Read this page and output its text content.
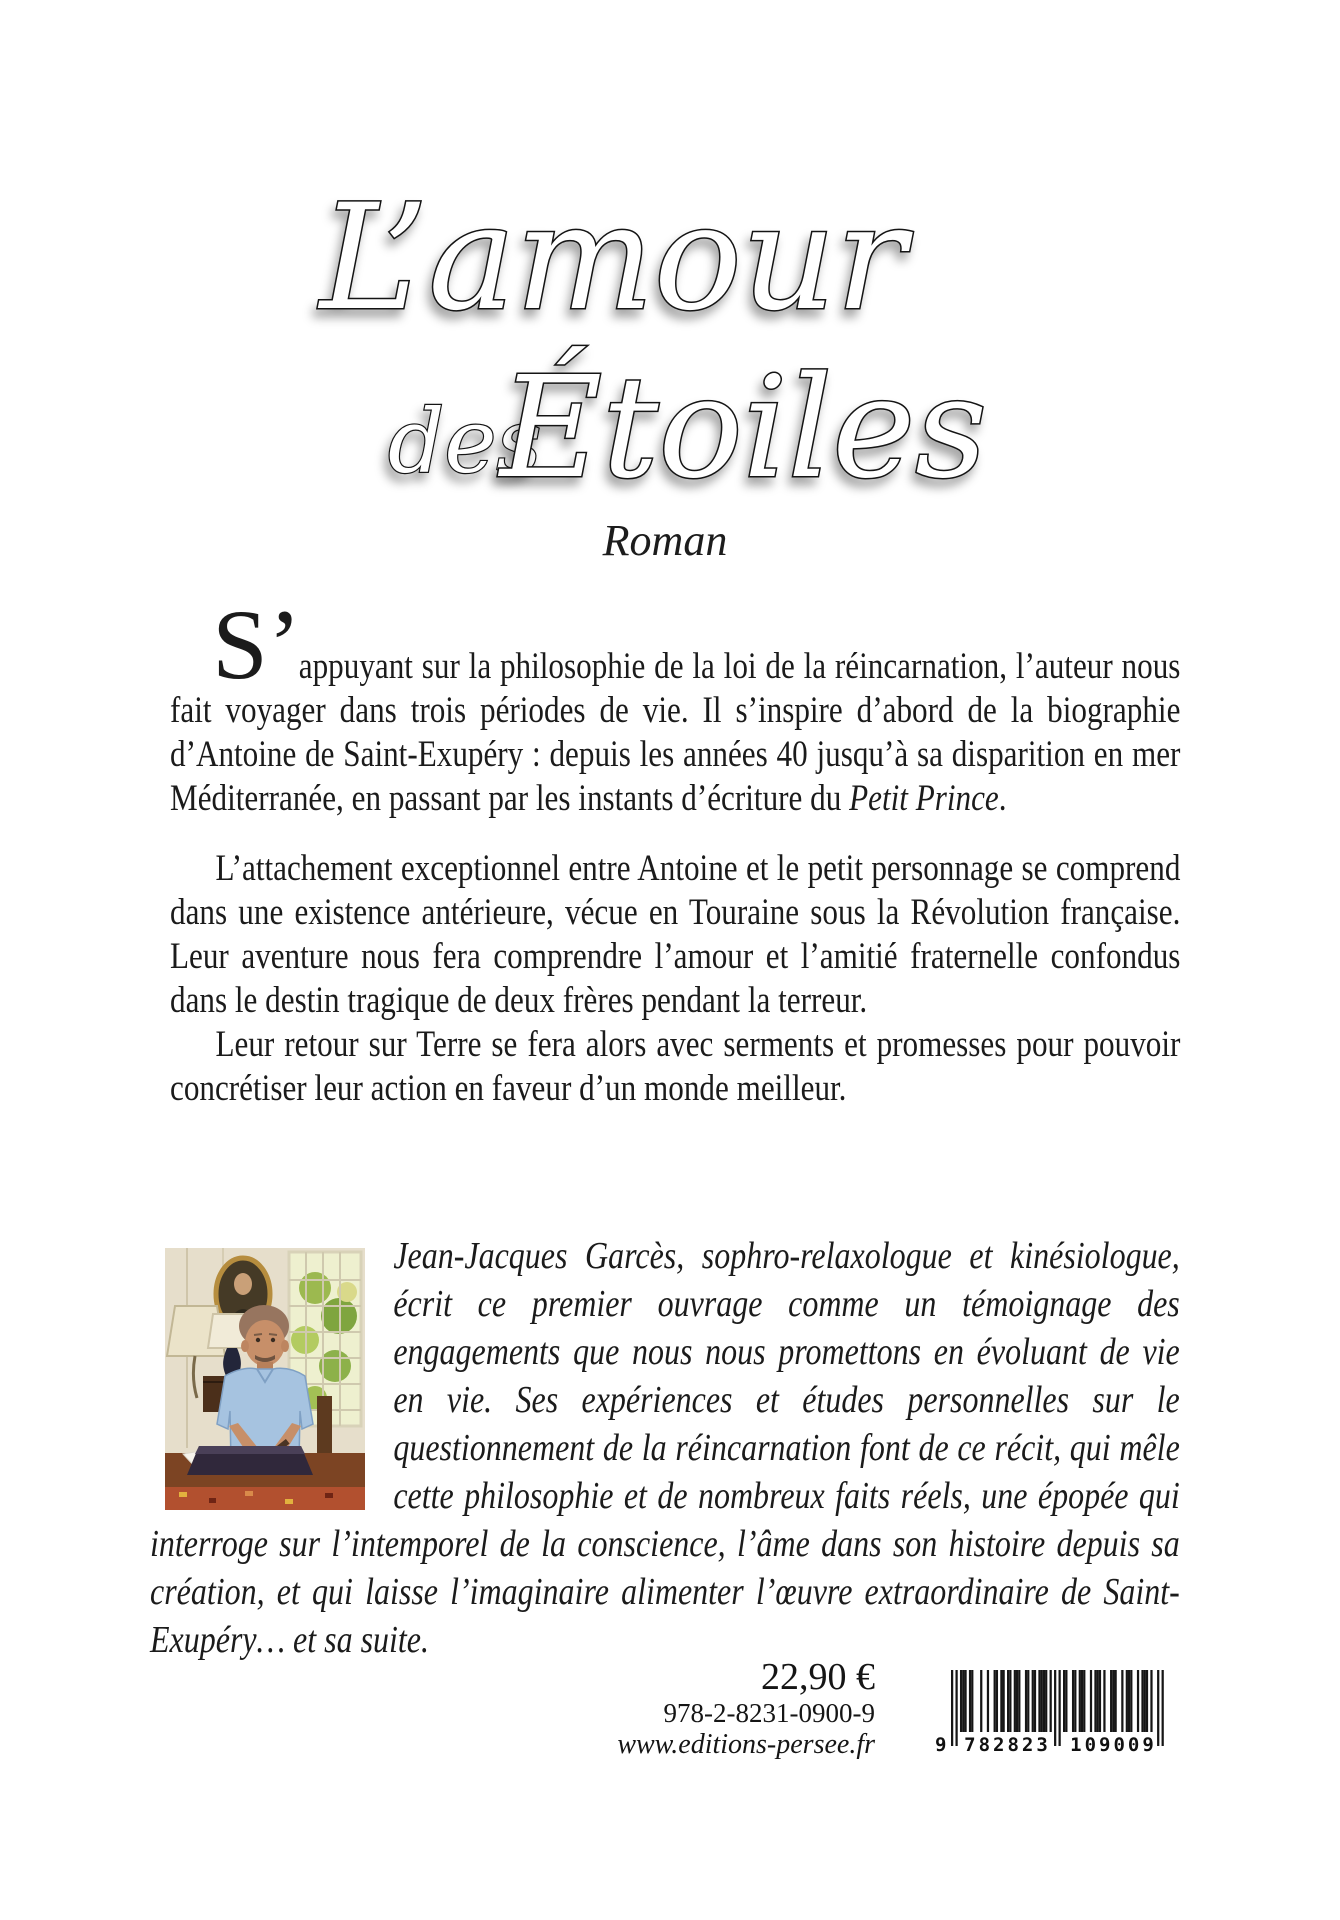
L’amour
des
Étoiles
Roman

S’appuyant sur la philosophie de la loi de la réincarnation, l’auteur nous fait voyager dans trois périodes de vie. Il s’inspire d’abord de la biographie d’Antoine de Saint-Exupéry : depuis les années 40 jusqu’à sa disparition en mer Méditerranée, en passant par les instants d’écriture du Petit Prince.

L’attachement exceptionnel entre Antoine et le petit personnage se comprend dans une existence antérieure, vécue en Touraine sous la Révolution française. Leur aventure nous fera comprendre l’amour et l’amitié fraternelle confondus dans le destin tragique de deux frères pendant la terreur.

Leur retour sur Terre se fera alors avec serments et promesses pour pouvoir concrétiser leur action en faveur d’un monde meilleur.

Jean-Jacques Garcès, sophro-relaxologue et kinésiologue, écrit ce premier ouvrage comme un témoignage des engagements que nous nous promettons en évoluant de vie en vie. Ses expériences et études personnelles sur le questionnement de la réincarnation font de ce récit, qui mêle cette philosophie et de nombreux faits réels, une épopée qui interroge sur l’intemporel de la conscience, l’âme dans son histoire depuis sa création, et qui laisse l’imaginaire alimenter l’œuvre extraordinaire de Saint-Exupéry… et sa suite.
22,90 €
978-2-8231-0900-9
www.editions-persee.fr	9 782823 109009
